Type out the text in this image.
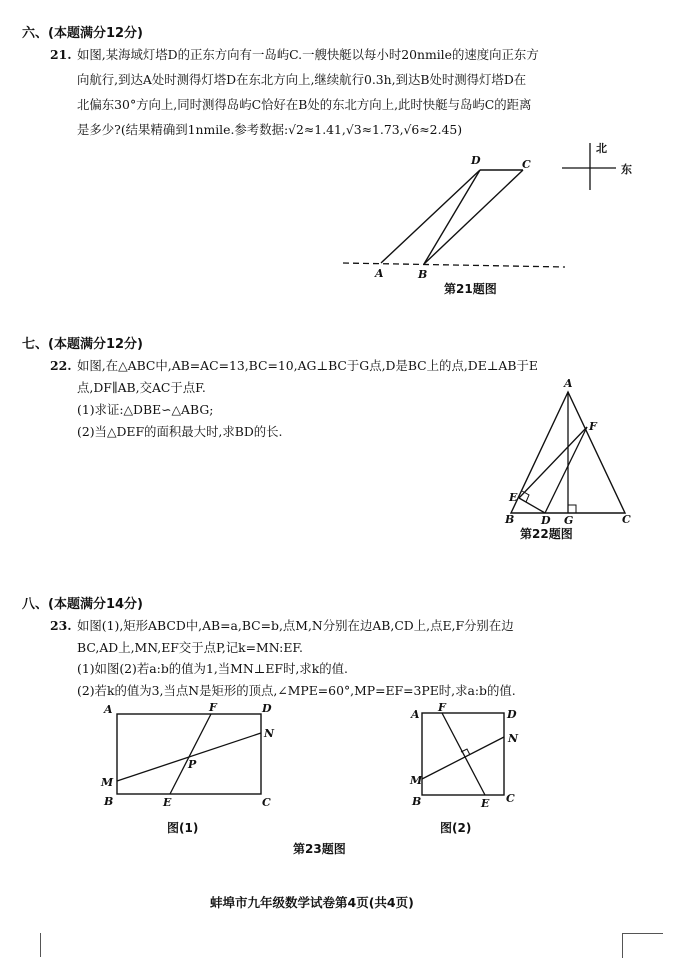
六、(本题满分12分)
21. 如图,某海域灯塔D的正东方向有一岛屿C.一艘快艇以每小时20nmile的速度向正东方
向航行,到达A处时测得灯塔D在东北方向上,继续航行0.3h,到达B处时测得灯塔D在
北偏东30°方向上,同时测得岛屿C恰好在B处的东北方向上,此时快艇与岛屿C的距离
是多少?(结果精确到1nmile.参考数据:√2≈1.41,√3≈1.73,√6≈2.45)
D	C
A	B
北
东
第21题图
七、(本题满分12分)
22. 如图,在△ABC中,AB=AC=13,BC=10,AG⊥BC于G点,D是BC上的点,DE⊥AB于E
点,DF∥AB,交AC于点F.
(1)求证:△DBE∽△ABG;
(2)当△DEF的面积最大时,求BD的长.
A
F
E
B D G	C
第22题图
八、(本题满分14分)
23. 如图(1),矩形ABCD中,AB=a,BC=b,点M,N分别在边AB,CD上,点E,F分别在边
BC,AD上,MN,EF交于点P,记k=MN:EF.
(1)如图(2)若a:b的值为1,当MN⊥EF时,求k的值.
(2)若k的值为3,当点N是矩形的顶点,∠MPE=60°,MP=EF=3PE时,求a:b的值.
A	F	D
N
P
M
B	E	C
图(1)
A
F
D
N
M
B	E C
图(2)
第23题图
蚌埠市九年级数学试卷第4页(共4页)
